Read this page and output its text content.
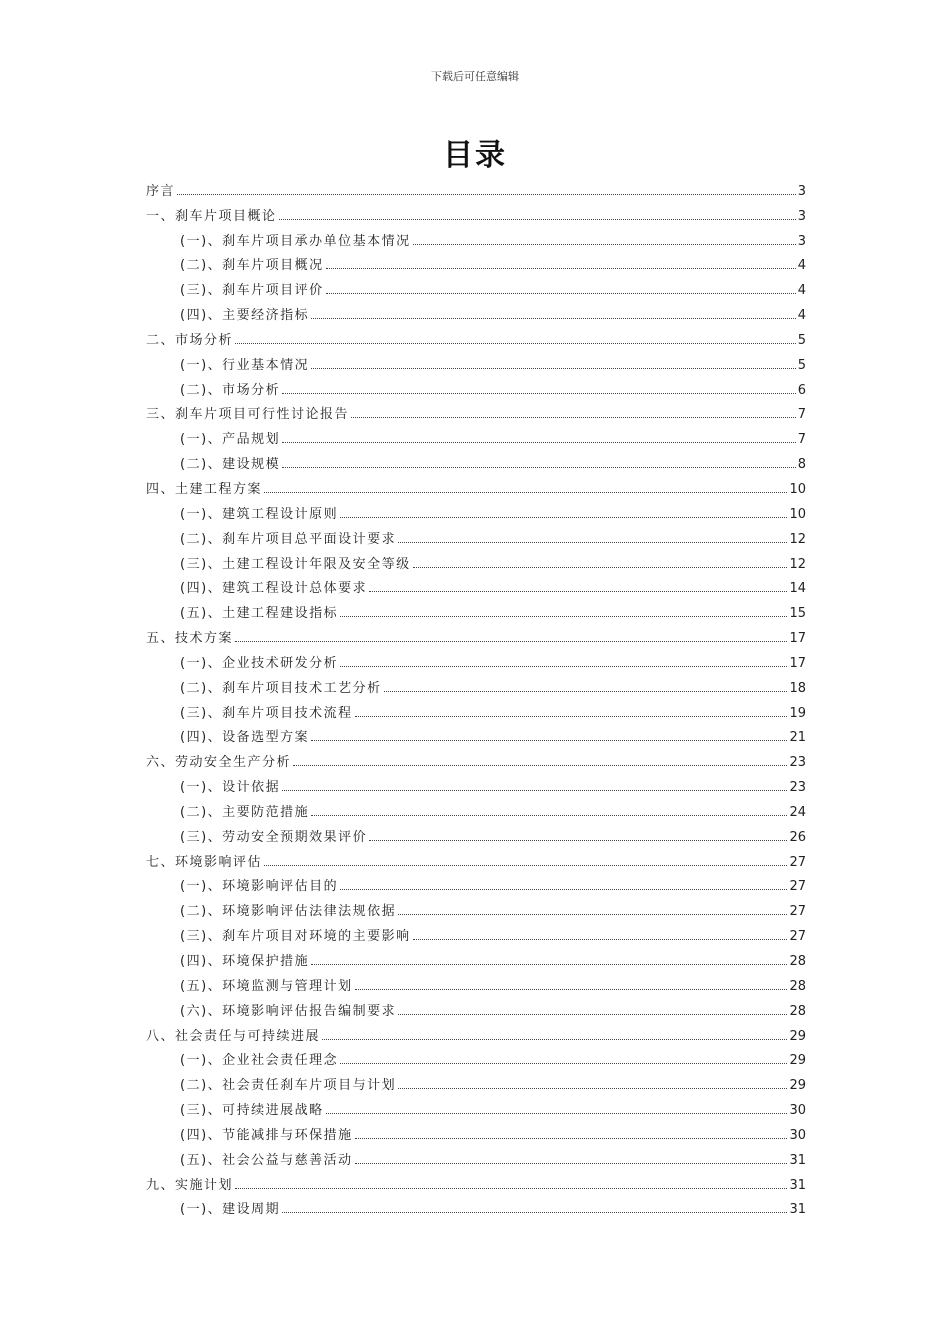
下载后可任意编辑
目录
序言	3
一、刹车片项目概论	3
(一)、刹车片项目承办单位基本情况	3
(二)、刹车片项目概况	4
(三)、刹车片项目评价	4
(四)、主要经济指标	4
二、市场分析	5
(一)、行业基本情况	5
(二)、市场分析	6
三、刹车片项目可行性讨论报告	7
(一)、产品规划	7
(二)、建设规模	8
四、土建工程方案	10
(一)、建筑工程设计原则	10
(二)、刹车片项目总平面设计要求	12
(三)、土建工程设计年限及安全等级	12
(四)、建筑工程设计总体要求	14
(五)、土建工程建设指标	15
五、技术方案	17
(一)、企业技术研发分析	17
(二)、刹车片项目技术工艺分析	18
(三)、刹车片项目技术流程	19
(四)、设备选型方案	21
六、劳动安全生产分析	23
(一)、设计依据	23
(二)、主要防范措施	24
(三)、劳动安全预期效果评价	26
七、环境影响评估	27
(一)、环境影响评估目的	27
(二)、环境影响评估法律法规依据	27
(三)、刹车片项目对环境的主要影响	27
(四)、环境保护措施	28
(五)、环境监测与管理计划	28
(六)、环境影响评估报告编制要求	28
八、社会责任与可持续进展	29
(一)、企业社会责任理念	29
(二)、社会责任刹车片项目与计划	29
(三)、可持续进展战略	30
(四)、节能减排与环保措施	30
(五)、社会公益与慈善活动	31
九、实施计划	31
(一)、建设周期	31
